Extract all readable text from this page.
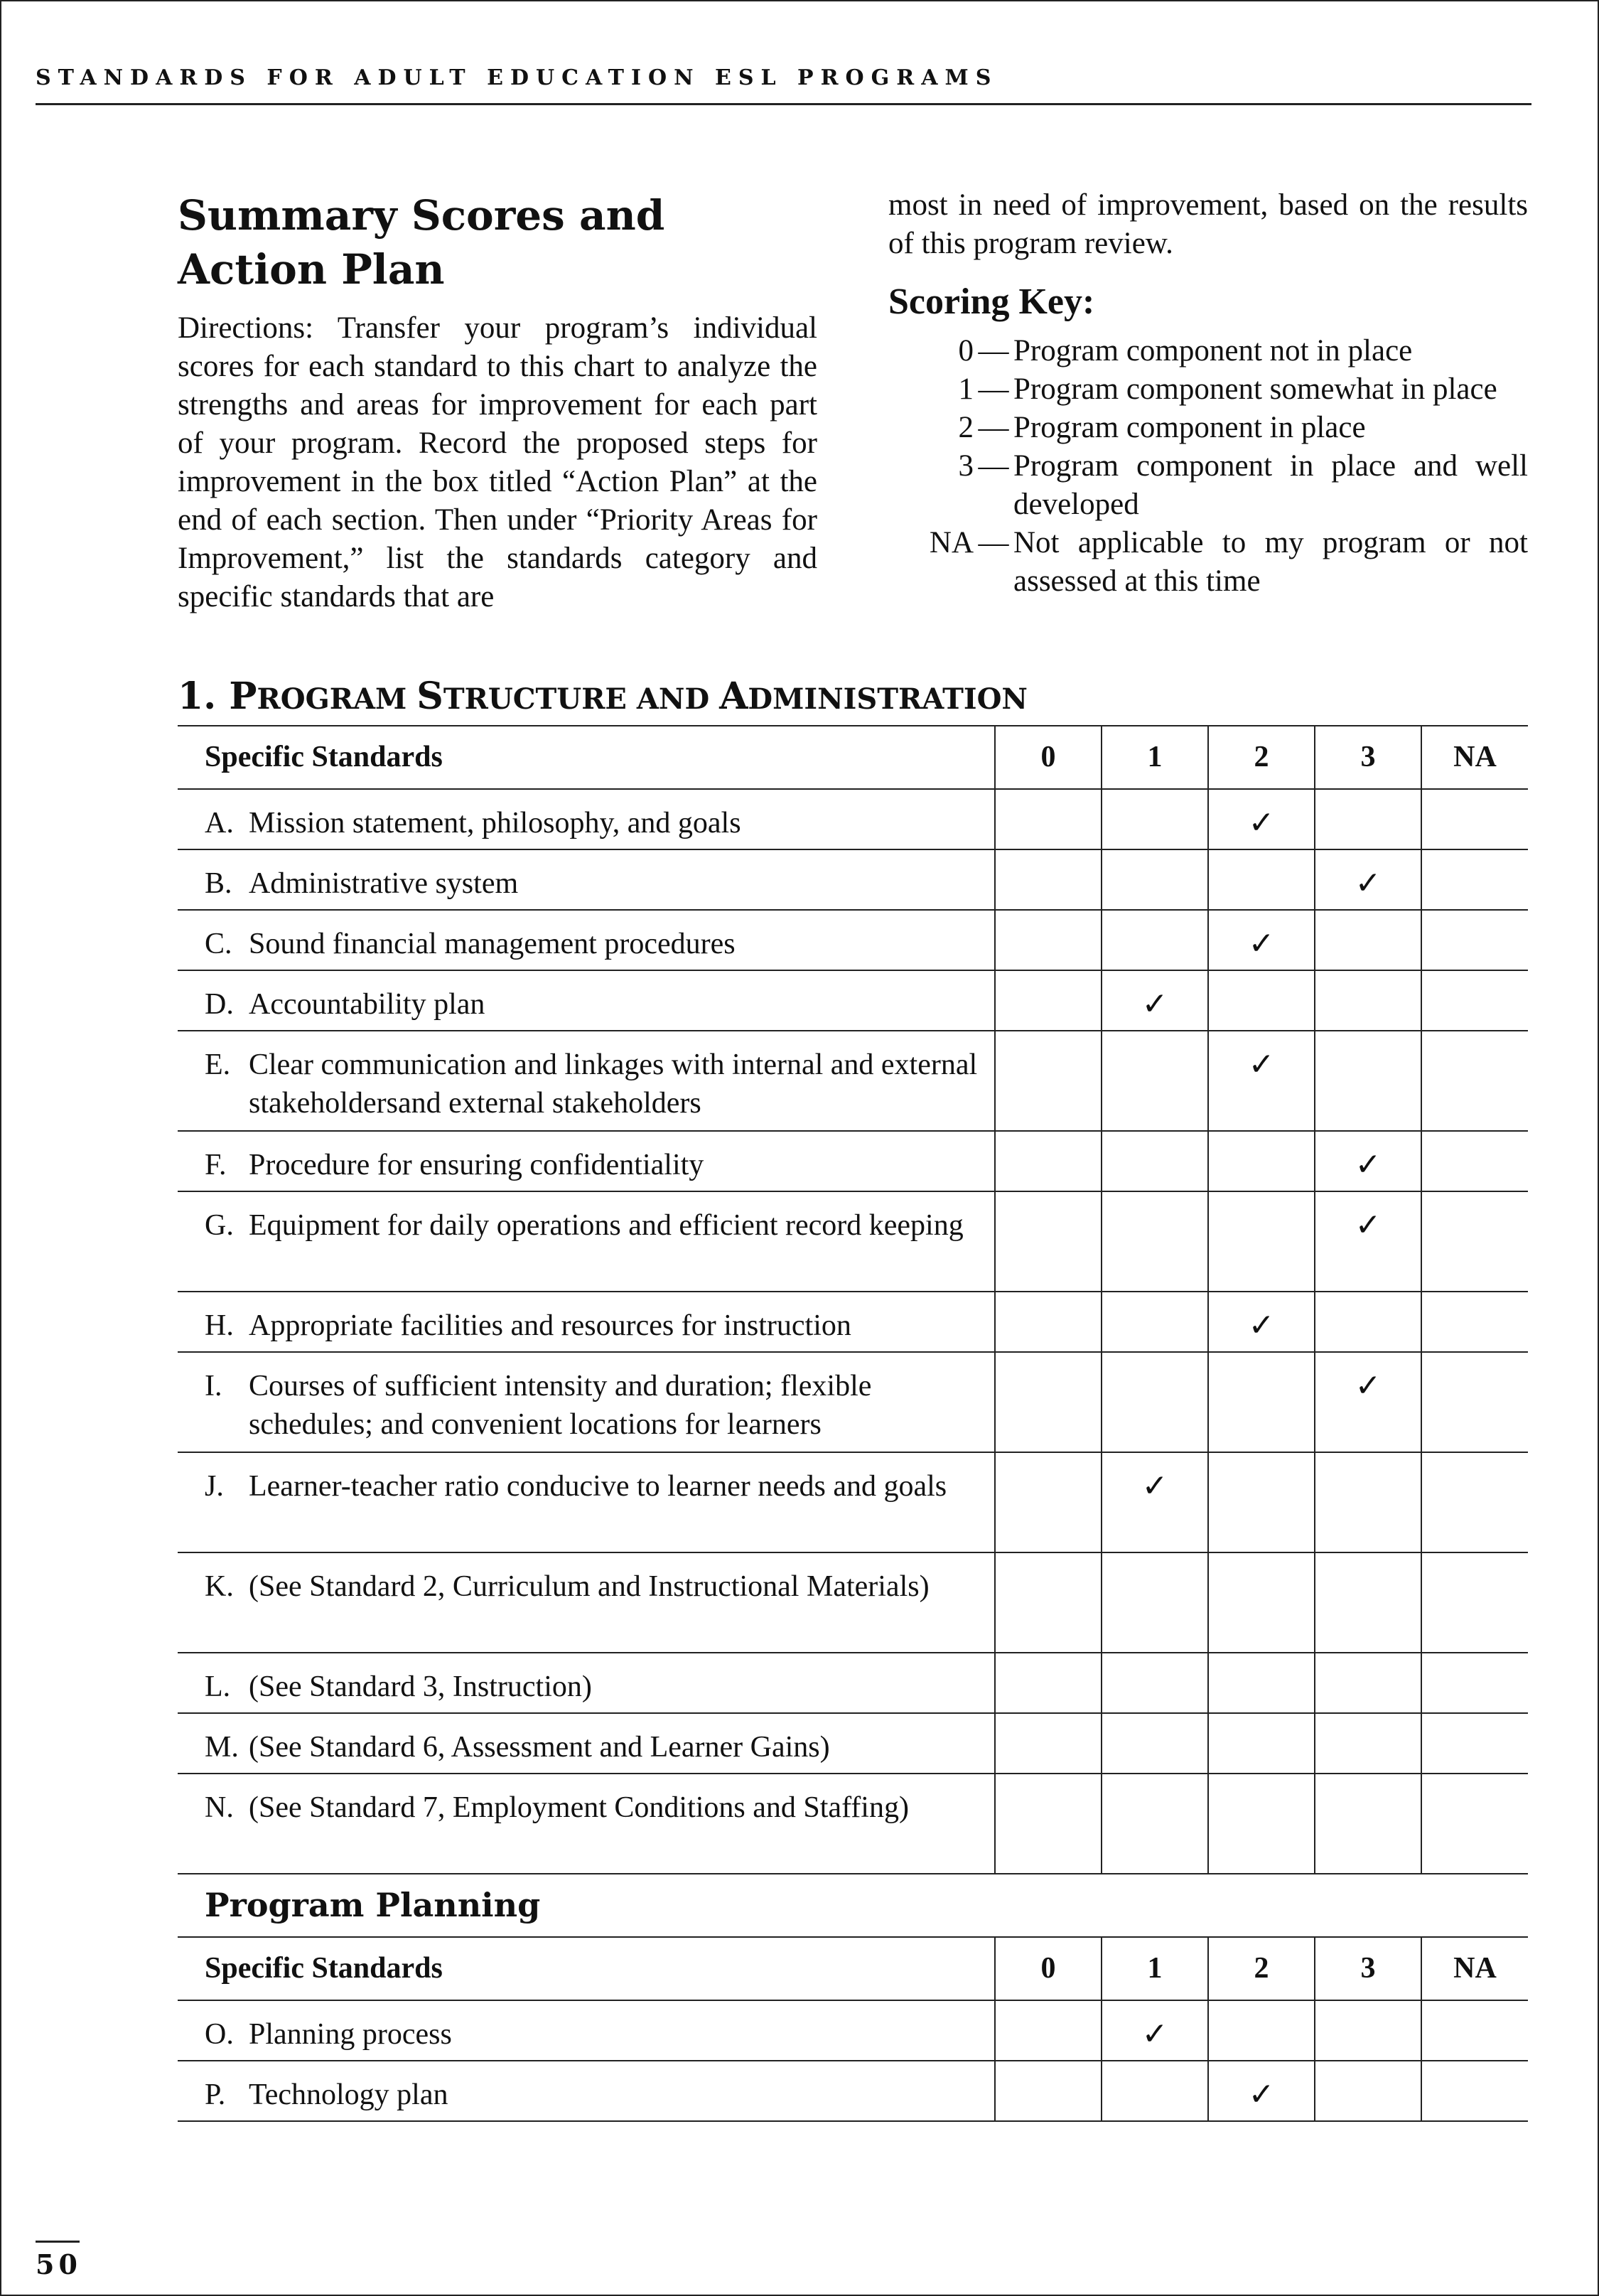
STANDARDS FOR ADULT EDUCATION ESL PROGRAMS
Summary Scores and
Action Plan
Directions: Transfer your program’s individual scores for each standard to this chart to analyze the strengths and areas for improvement for each part of your program. Record the proposed steps for improvement in the box titled “Action Plan” at the end of each section. Then under “Priority Areas for Improvement,” list the standards category and specific standards that are
most in need of improvement, based on the results of this program review.
Scoring Key:
0 — Program component not in place
1 — Program component somewhat in place
2 — Program component in place
3 — Program component in place and well developed
NA — Not applicable to my program or not assessed at this time
1. PROGRAM STRUCTURE AND ADMINISTRATION
Specific Standards	0	1	2	3	NA

A. Mission statement, philosophy, and goals			✓		

B. Administrative system				✓	

C. Sound financial management procedures			✓		

D. Accountability plan		✓			

E. Clear communication and linkages with internal and external stakeholdersand external stakeholders			✓		

F. Procedure for ensuring confidentiality				✓	

G. Equipment for daily operations and efficient record keeping				✓	

H. Appropriate facilities and resources for instruction			✓		

I. Courses of sufficient intensity and duration; flexible schedules; and convenient locations for learners				✓	

J. Learner-teacher ratio conducive to learner needs and goals		✓			

K. (See Standard 2, Curriculum and Instructional Materials)					

L. (See Standard 3, Instruction)					

M. (See Standard 6, Assessment and Learner Gains)					

N. (See Standard 7, Employment Conditions and Staffing)					

Program Planning					
Specific Standards	0	1	2	3	NA

O. Planning process		✓			

P. Technology plan			✓		

50
